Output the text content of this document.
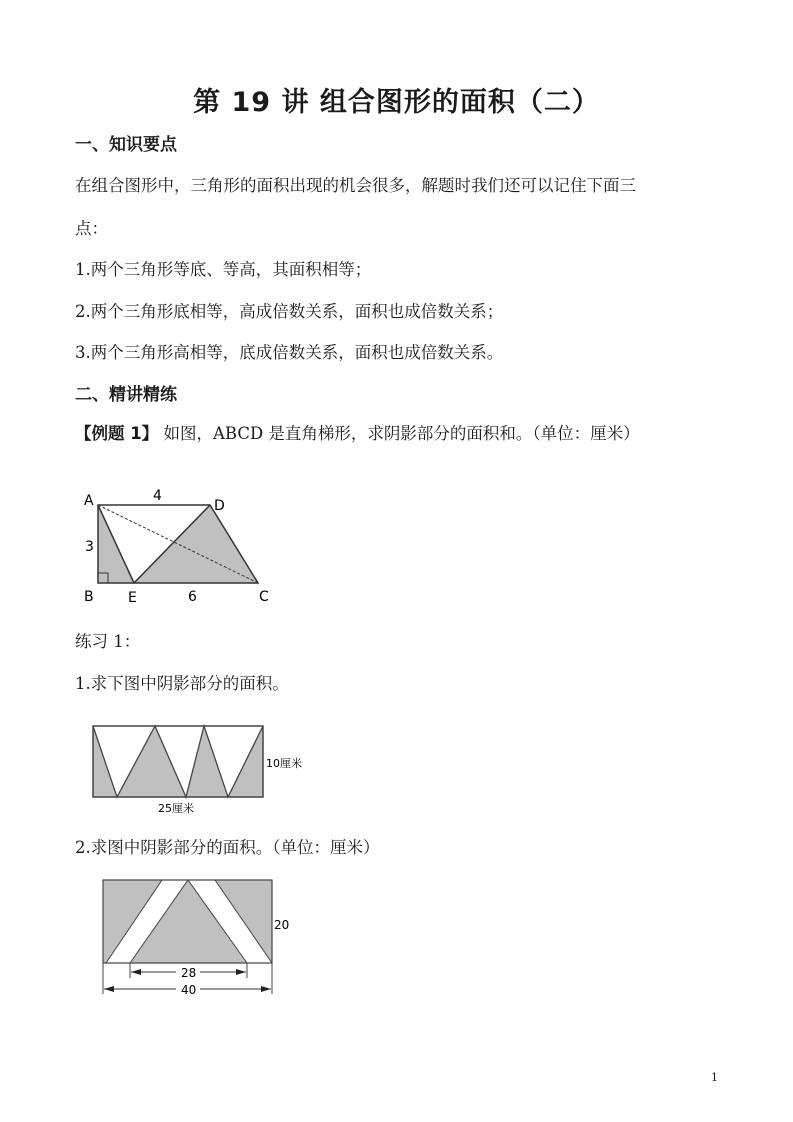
第 19 讲 组合图形的面积（二）
一、知识要点
在组合图形中，三角形的面积出现的机会很多，解题时我们还可以记住下面三
点：
1.两个三角形等底、等高，其面积相等；
2.两个三角形底相等，高成倍数关系，面积也成倍数关系；
3.两个三角形高相等，底成倍数关系，面积也成倍数关系。
二、精讲精练
【例题 1】 如图，ABCD 是直角梯形，求阴影部分的面积和。（单位：厘米）
A	D
B E	C
4
3
6
10厘米
25厘米
20
28
40
练习 1：
1.求下图中阴影部分的面积。
2.求图中阴影部分的面积。（单位：厘米）
1
